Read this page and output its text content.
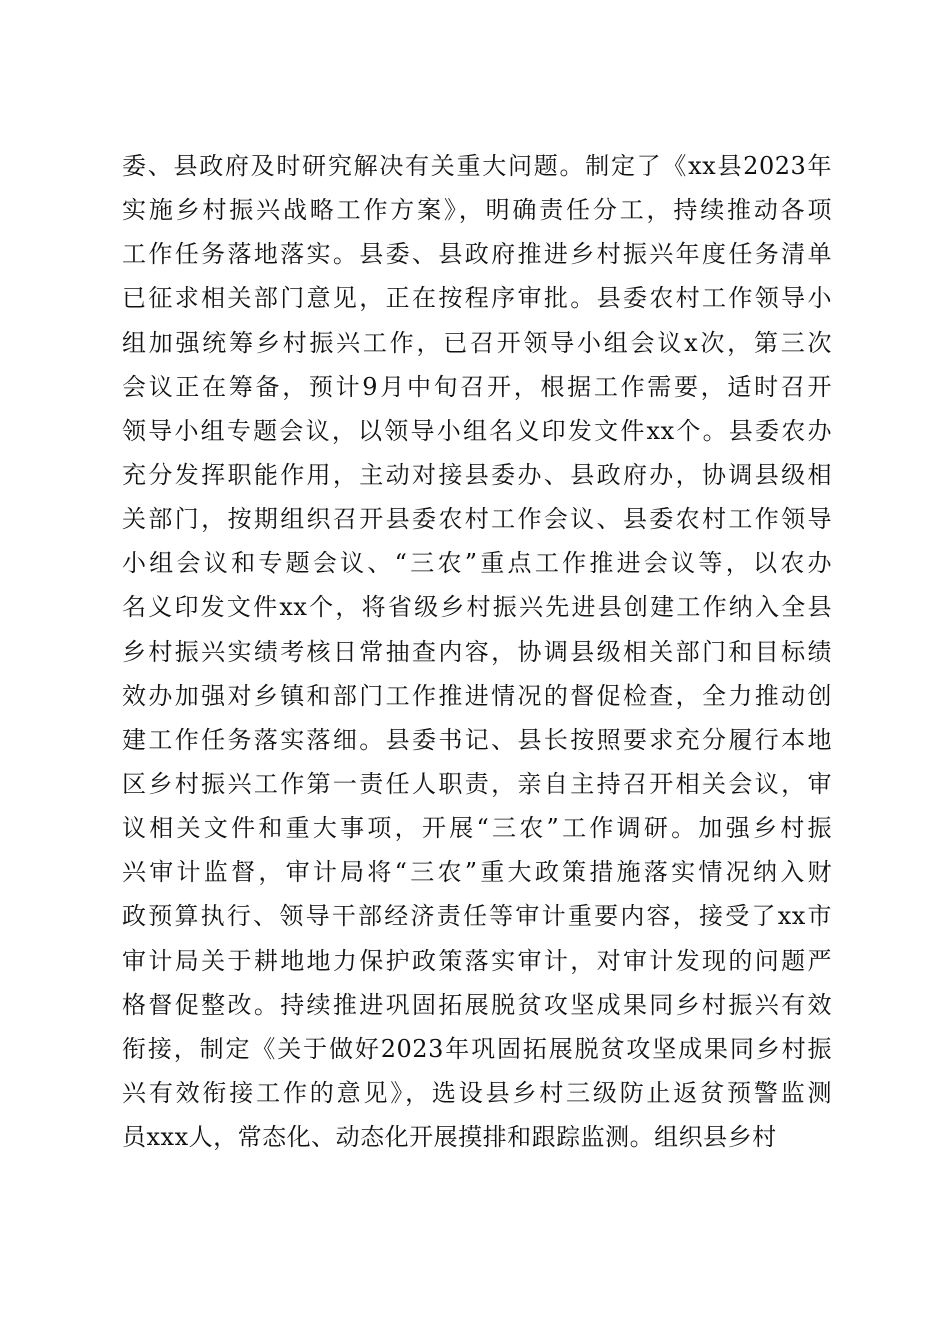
委、县政府及时研究解决有关重大问题。制定了《xx县2023年
实施乡村振兴战略工作方案》，明确责任分工，持续推动各项
工作任务落地落实。县委、县政府推进乡村振兴年度任务清单
已征求相关部门意见，正在按程序审批。县委农村工作领导小
组加强统筹乡村振兴工作，已召开领导小组会议x次，第三次
会议正在筹备，预计9月中旬召开，根据工作需要，适时召开
领导小组专题会议，以领导小组名义印发文件xx个。县委农办
充分发挥职能作用，主动对接县委办、县政府办，协调县级相
关部门，按期组织召开县委农村工作会议、县委农村工作领导
小组会议和专题会议、“三农”重点工作推进会议等，以农办
名义印发文件xx个，将省级乡村振兴先进县创建工作纳入全县
乡村振兴实绩考核日常抽查内容，协调县级相关部门和目标绩
效办加强对乡镇和部门工作推进情况的督促检查，全力推动创
建工作任务落实落细。县委书记、县长按照要求充分履行本地
区乡村振兴工作第一责任人职责，亲自主持召开相关会议，审
议相关文件和重大事项，开展“三农”工作调研。加强乡村振
兴审计监督，审计局将“三农”重大政策措施落实情况纳入财
政预算执行、领导干部经济责任等审计重要内容，接受了xx市
审计局关于耕地地力保护政策落实审计，对审计发现的问题严
格督促整改。持续推进巩固拓展脱贫攻坚成果同乡村振兴有效
衔接，制定《关于做好2023年巩固拓展脱贫攻坚成果同乡村振
兴有效衔接工作的意见》，选设县乡村三级防止返贫预警监测
员xxx人，常态化、动态化开展摸排和跟踪监测。组织县乡村
